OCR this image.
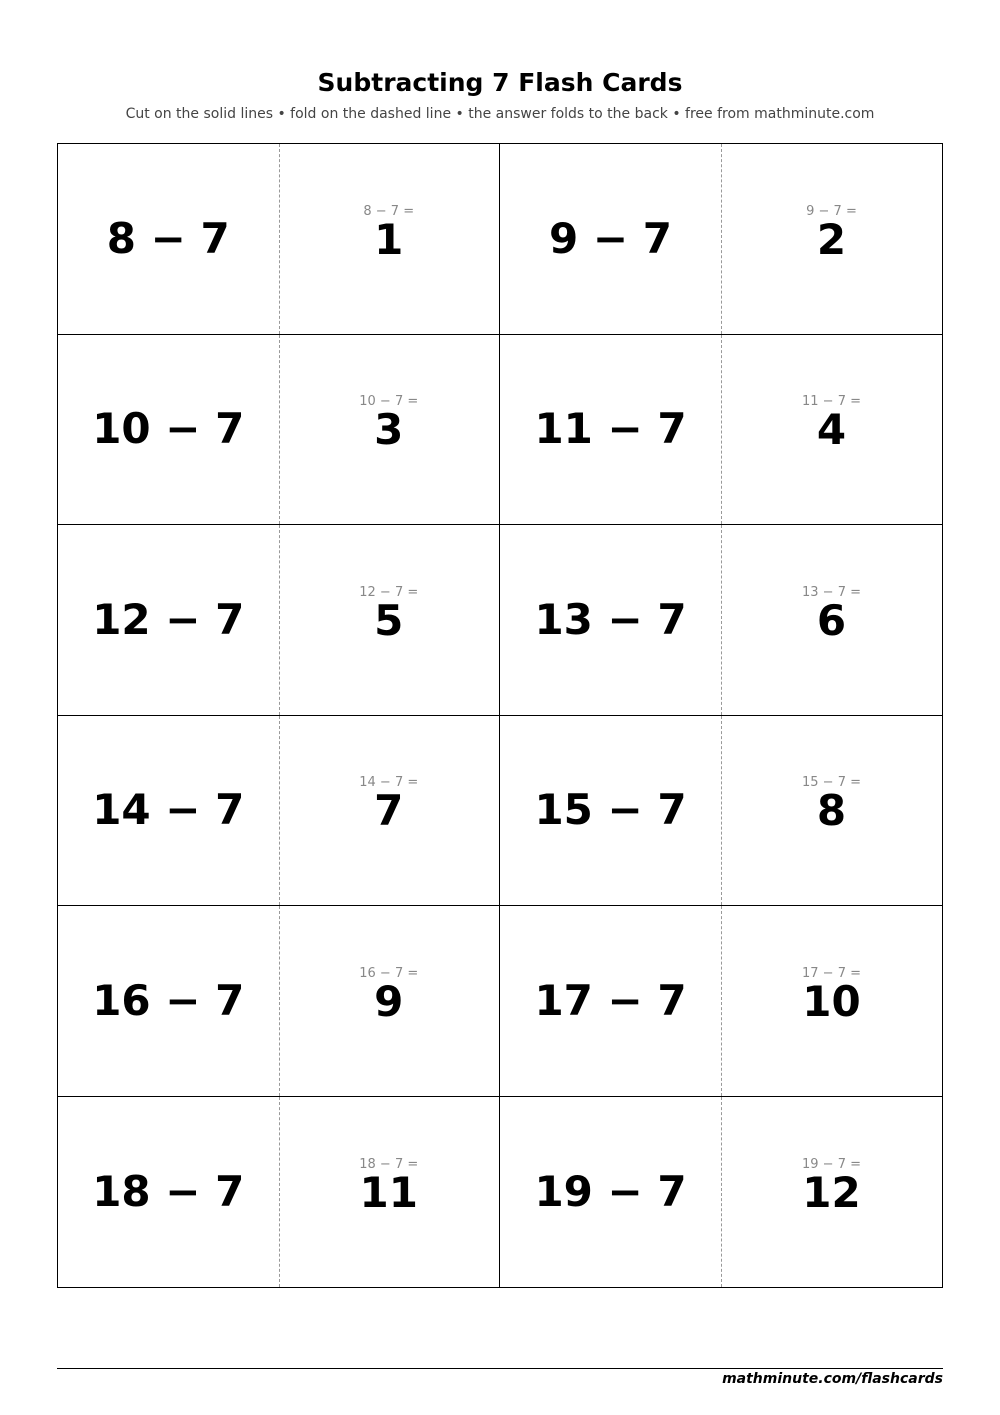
Subtracting 7 Flash Cards
Cut on the solid lines • fold on the dashed line • the answer folds to the back • free from mathminute.com
8 − 7
8 − 7 =
1	9 − 7
9 − 7 =
2
10 − 7
10 − 7 =
3	11 − 7
11 − 7 =
4
12 − 7
12 − 7 =
5	13 − 7
13 − 7 =
6
14 − 7
14 − 7 =
7	15 − 7
15 − 7 =
8
16 − 7
16 − 7 =
9	17 − 7
17 − 7 =
10
18 − 7
18 − 7 =
11	19 − 7
19 − 7 =
12
mathminute.com/flashcards
